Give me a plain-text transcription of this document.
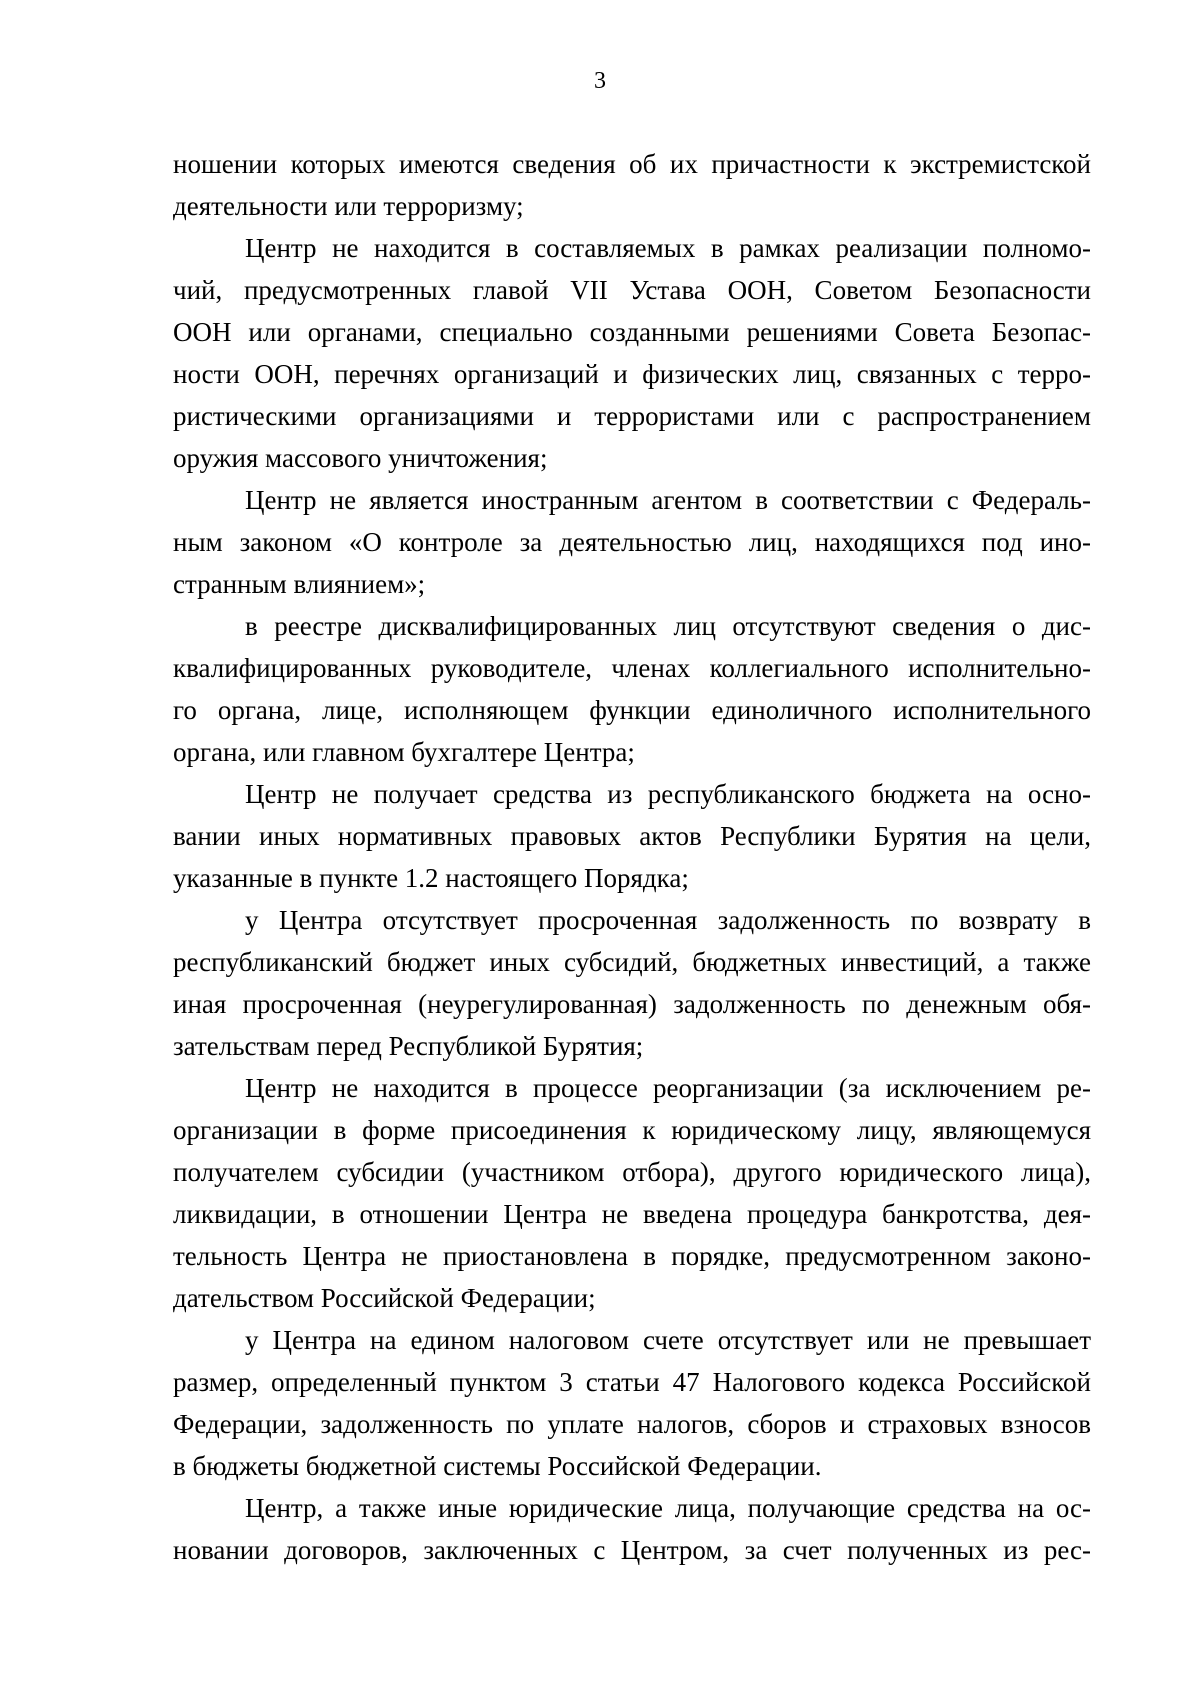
3
ношении которых имеются сведения об их причастности к экстремистской
деятельности или терроризму;
Центр не находится в составляемых в рамках реализации полномо-
чий, предусмотренных главой VII Устава ООН, Советом Безопасности
ООН или органами, специально созданными решениями Совета Безопас-
ности ООН, перечнях организаций и физических лиц, связанных с терро-
ристическими организациями и террористами или с распространением
оружия массового уничтожения;
Центр не является иностранным агентом в соответствии с Федераль-
ным законом «О контроле за деятельностью лиц, находящихся под ино-
странным влиянием»;
в реестре дисквалифицированных лиц отсутствуют сведения о дис-
квалифицированных руководителе, членах коллегиального исполнительно-
го органа, лице, исполняющем функции единоличного исполнительного
органа, или главном бухгалтере Центра;
Центр не получает средства из республиканского бюджета на осно-
вании иных нормативных правовых актов Республики Бурятия на цели,
указанные в пункте 1.2 настоящего Порядка;
у Центра отсутствует просроченная задолженность по возврату в
республиканский бюджет иных субсидий, бюджетных инвестиций, а также
иная просроченная (неурегулированная) задолженность по денежным обя-
зательствам перед Республикой Бурятия;
Центр не находится в процессе реорганизации (за исключением ре-
организации в форме присоединения к юридическому лицу, являющемуся
получателем субсидии (участником отбора), другого юридического лица),
ликвидации, в отношении Центра не введена процедура банкротства, дея-
тельность Центра не приостановлена в порядке, предусмотренном законо-
дательством Российской Федерации;
у Центра на едином налоговом счете отсутствует или не превышает
размер, определенный пунктом 3 статьи 47 Налогового кодекса Российской
Федерации, задолженность по уплате налогов, сборов и страховых взносов
в бюджеты бюджетной системы Российской Федерации.
Центр, а также иные юридические лица, получающие средства на ос-
новании договоров, заключенных с Центром, за счет полученных из рес-
